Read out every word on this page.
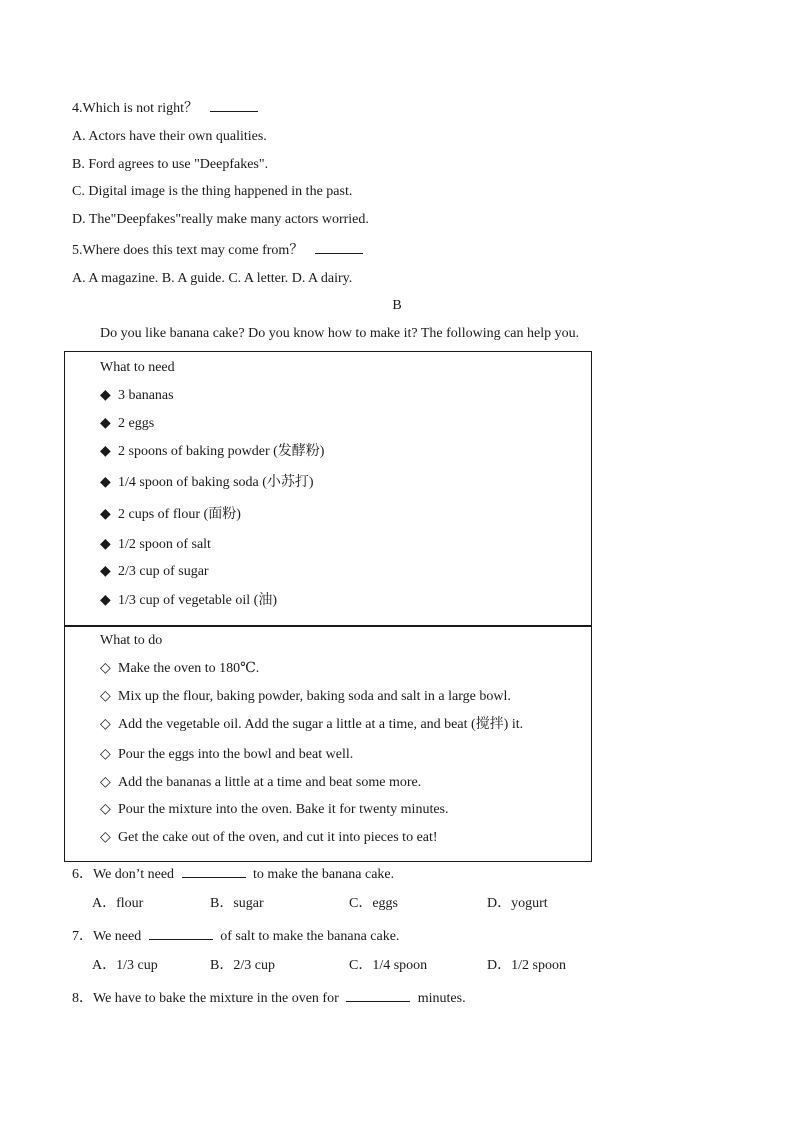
4.Which is not right？
A. Actors have their own qualities.
B. Ford agrees to use "Deepfakes".
C. Digital image is the thing happened in the past.
D. The"Deepfakes"really make many actors worried.
5.Where does this text may come from？
A. A magazine. B. A guide. C. A letter. D. A dairy.
B
Do you like banana cake? Do you know how to make it? The following can help you.
What to need
◆ 3 bananas
◆ 2 eggs
◆ 2 spoons of baking powder (发酵粉)
◆ 1/4 spoon of baking soda (小苏打)
◆ 2 cups of flour (面粉)
◆ 1/2 spoon of salt
◆ 2/3 cup of sugar
◆ 1/3 cup of vegetable oil (油)
What to do
◇ Make the oven to 180℃.
◇ Mix up the flour, baking powder, baking soda and salt in a large bowl.
◇ Add the vegetable oil. Add the sugar a little at a time, and beat (搅拌) it.
◇ Pour the eggs into the bowl and beat well.
◇ Add the bananas a little at a time and beat some more.
◇ Pour the mixture into the oven. Bake it for twenty minutes.
◇ Get the cake out of the oven, and cut it into pieces to eat!
6．We don’t need	to make the banana cake.
A．flour	B．sugar	C．eggs	D．yogurt
7．We need	of salt to make the banana cake.
A．1/3 cup	B．2/3 cup	C．1/4 spoon	D．1/2 spoon
8．We have to bake the mixture in the oven for	minutes.
